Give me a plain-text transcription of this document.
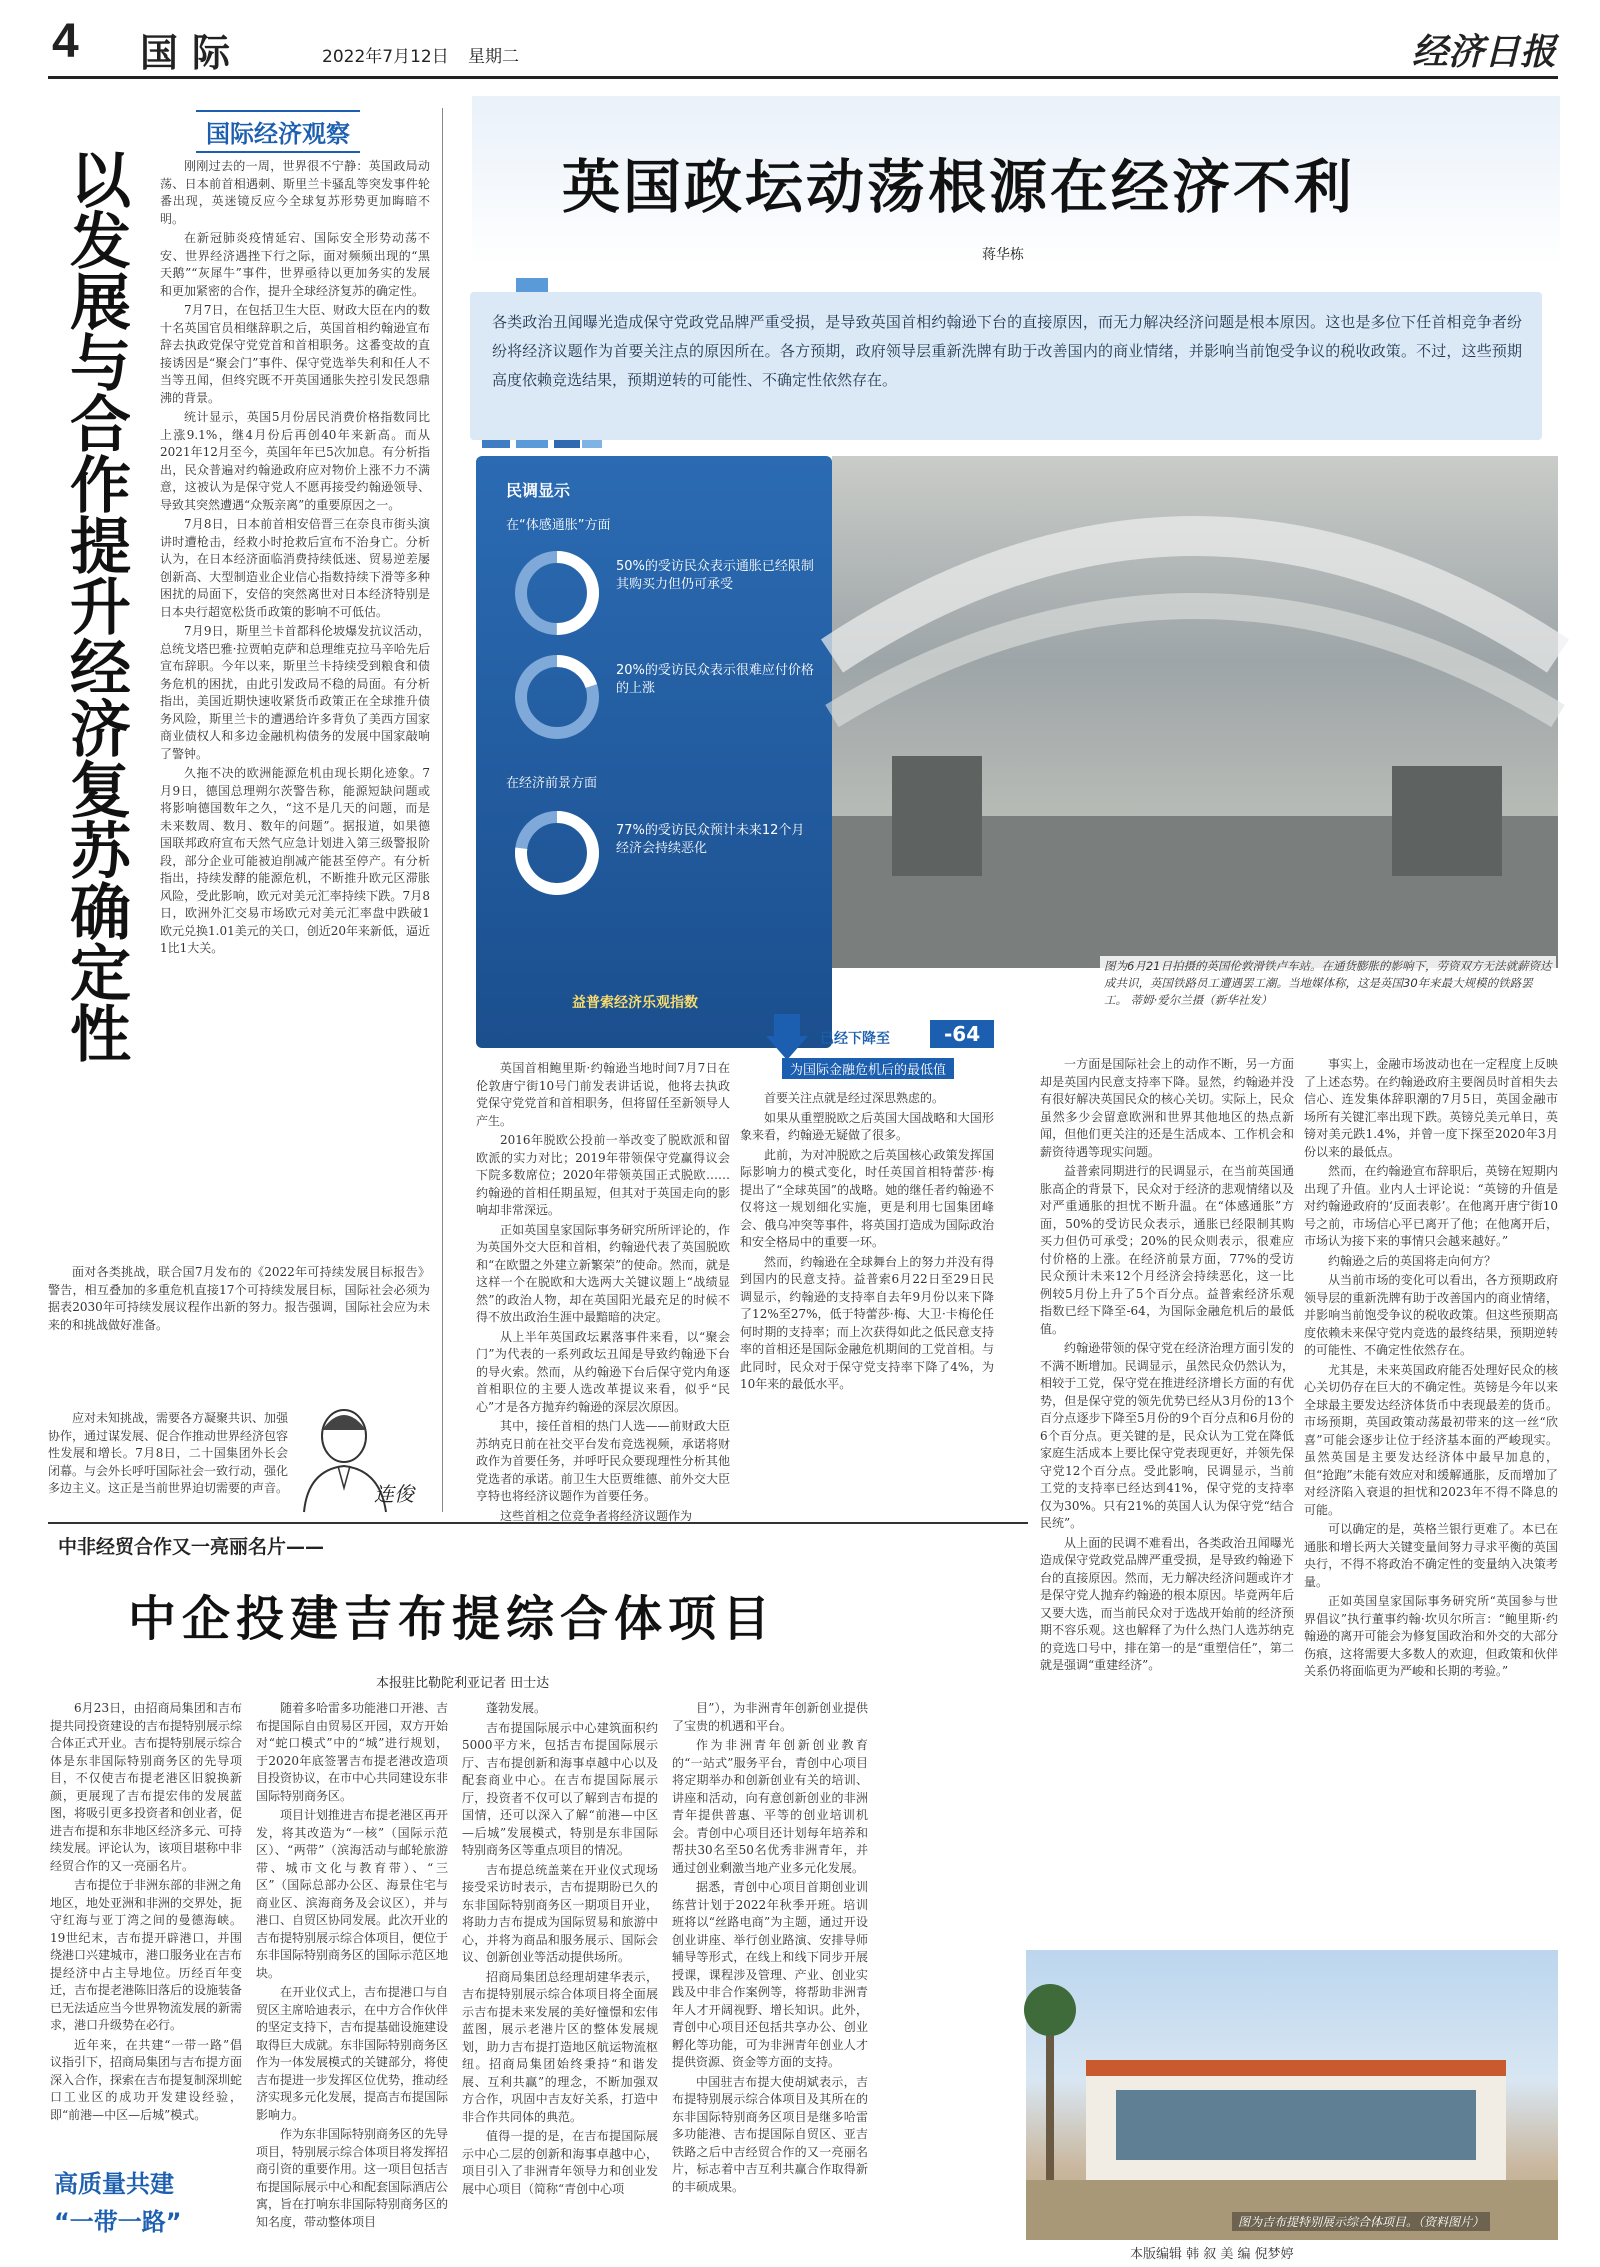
4 国际	2022年7月12日 星期二	经济日报
以发展与合作提升经济复苏确定性
国际经济观察

刚刚过去的一周，世界很不宁静：英国政局动荡、日本前首相遇刺、斯里兰卡骚乱等突发事件轮番出现，英迷镜反应今全球复苏形势更加晦暗不明。

在新冠肺炎疫情延宕、国际安全形势动荡不安、世界经济遇挫下行之际，面对频频出现的“黑天鹅”“灰犀牛”事件，世界亟待以更加务实的发展和更加紧密的合作，提升全球经济复苏的确定性。

7月7日，在包括卫生大臣、财政大臣在内的数十名英国官员相继辞职之后，英国首相约翰逊宣布辞去执政党保守党党首和首相职务。这番变故的直接诱因是“聚会门”事件、保守党选举失利和任人不当等丑闻，但终究既不开英国通胀失控引发民怨鼎沸的背景。

统计显示，英国5月份居民消费价格指数同比上涨9.1%，继4月份后再创40年来新高。而从2021年12月至今，英国年年已5次加息。有分析指出，民众普遍对约翰逊政府应对物价上涨不力不满意，这被认为是保守党人不愿再接受约翰逊领导、导致其突然遭遇“众叛亲离”的重要原因之一。

7月8日，日本前首相安倍晋三在奈良市街头演讲时遭枪击，经救小时抢救后宣布不治身亡。分析认为，在日本经济面临消费持续低迷、贸易逆差屡创新高、大型制造业企业信心指数持续下滑等多种困扰的局面下，安倍的突然离世对日本经济特别是日本央行超宽松货币政策的影响不可低估。

7月9日，斯里兰卡首都科伦坡爆发抗议活动，总统戈塔巴雅·拉贾帕克萨和总理维克拉马辛哈先后宣布辞职。今年以来，斯里兰卡持续受到粮食和债务危机的困扰，由此引发政局不稳的局面。有分析指出，美国近期快速收紧货币政策正在全球推升债务风险，斯里兰卡的遭遇给许多背负了美西方国家商业债权人和多边金融机构债务的发展中国家敲响了警钟。

久拖不决的欧洲能源危机由现长期化迹象。7月9日，德国总理朔尔茨警告称，能源短缺问题或将影响德国数年之久，“这不是几天的问题，而是未来数周、数月、数年的问题”。据报道，如果德国联邦政府宣布天然气应急计划进入第三级警报阶段，部分企业可能被迫削减产能甚至停产。有分析指出，持续发酵的能源危机，不断推升欧元区滞胀风险，受此影响，欧元对美元汇率持续下跌。7月8日，欧洲外汇交易市场欧元对美元汇率盘中跌破1欧元兑换1.01美元的关口，创近20年来新低，逼近1比1大关。

面对各类挑战，联合国7月发布的《2022年可持续发展目标报告》警告，相互叠加的多重危机直接17个可持续发展目标，国际社会必须为据表2030年可持续发展议程作出新的努力。报告强调，国际社会应为未来的和挑战做好准备。

应对未知挑战，需要各方凝聚共识、加强协作，通过谋发展、促合作推动世界经济包容性发展和增长。7月8日，二十国集团外长会闭幕。与会外长呼吁国际社会一致行动，强化多边主义。这正是当前世界迫切需要的声音。	连俊
英国政坛动荡根源在经济不利
蒋华栋
各类政治丑闻曝光造成保守党政党品牌严重受损，是导致英国首相约翰逊下台的直接原因，而无力解决经济问题是根本原因。这也是多位下任首相竞争者纷纷将经济议题作为首要关注点的原因所在。各方预期，政府领导层重新洗牌有助于改善国内的商业情绪，并影响当前饱受争议的税收政策。不过，这些预期高度依赖竞选结果，预期逆转的可能性、不确定性依然存在。
民调显示
在“体感通胀”方面
50%的受访民众表示通胀已经限制其购买力但仍可承受
20%的受访民众表示很难应付价格的上涨
在经济前景方面
77%的受访民众预计未来12个月经济会持续恶化
益普索经济乐观指数
图为6月21日拍摄的英国伦敦滑铁卢车站。在通货膨胀的影响下，劳资双方无法就薪资达成共识，英国铁路员工遭遇罢工潮。当地媒体称，这是英国30年来最大规模的铁路罢工。 蒂姆·爱尔兰摄（新华社发）
已经下降至	-64
为国际金融危机后的最低值

英国首相鲍里斯·约翰逊当地时间7月7日在伦敦唐宁街10号门前发表讲话说，他将去执政党保守党党首和首相职务，但将留任至新领导人产生。

2016年脱欧公投前一举改变了脱欧派和留欧派的实力对比；2019年带领保守党赢得议会下院多数席位；2020年带领英国正式脱欧……约翰逊的首相任期虽短，但其对于英国走向的影响却非常深远。

正如英国皇家国际事务研究所所评论的，作为英国外交大臣和首相，约翰逊代表了英国脱欧和“在欧盟之外建立新繁荣”的使命。然而，就是这样一个在脱欧和大选两大关键议题上“战绩显然”的政治人物，却在英国阳光最充足的时候不得不放出政治生涯中最黯暗的决定。

从上半年英国政坛累落事件来看，以“聚会门”为代表的一系列政坛丑闻是导致约翰逊下台的导火索。然而，从约翰逊下台后保守党内角逐首相职位的主要人选改革提议来看，似乎“民心”才是各方抛弃约翰逊的深层次原因。

其中，接任首相的热门人选——前财政大臣苏纳克日前在社交平台发布竞选视频，承诺将财政作为首要任务，并呼吁民众要现理性分析其他党选者的承诺。前卫生大臣贾维德、前外交大臣亨特也将经济议题作为首要任务。

这些首相之位竞争者将经济议题作为

首要关注点就是经过深思熟虑的。

如果从重塑脱欧之后英国大国战略和大国形象来看，约翰逊无疑做了很多。

此前，为对冲脱欧之后英国核心政策发挥国际影响力的模式变化，时任英国首相特蕾莎·梅提出了“全球英国”的战略。她的继任者约翰逊不仅将这一规划细化实施，更是利用七国集团峰会、俄乌冲突等事件，将英国打造成为国际政治和安全格局中的重要一环。

然而，约翰逊在全球舞台上的努力并没有得到国内的民意支持。益普索6月22日至29日民调显示，约翰逊的支持率自去年9月份以来下降了12%至27%，低于特蕾莎·梅、大卫·卡梅伦任何时期的支持率；而上次获得如此之低民意支持率的首相还是国际金融危机期间的工党首相。与此同时，民众对于保守党支持率下降了4%，为10年来的最低水平。

一方面是国际社会上的动作不断，另一方面却是英国内民意支持率下降。显然，约翰逊并没有很好解决英国民众的核心关切。实际上，民众虽然多少会留意欧洲和世界其他地区的热点新闻，但他们更关注的还是生活成本、工作机会和薪资待遇等现实问题。

益普索同期进行的民调显示，在当前英国通胀高企的背景下，民众对于经济的悲观情绪以及对严重通胀的担忧不断升温。在“体感通胀”方面，50%的受访民众表示，通胀已经限制其购买力但仍可承受；20%的民众则表示，很难应付价格的上涨。在经济前景方面，77%的受访民众预计未来12个月经济会持续恶化，这一比例较5月份上升了5个百分点。益普索经济乐观指数已经下降至-64，为国际金融危机后的最低值。

约翰逊带领的保守党在经济治理方面引发的不满不断增加。民调显示，虽然民众仍然认为，相较于工党，保守党在推进经济增长方面的有优势，但是保守党的领先优势已经从3月份的13个百分点逐步下降至5月份的9个百分点和6月份的6个百分点。更关键的是，民众认为工党在降低家庭生活成本上要比保守党表现更好，并领先保守党12个百分点。受此影响，民调显示，当前工党的支持率已经达到41%，保守党的支持率仅为30%。只有21%的英国人认为保守党“结合民统”。

从上面的民调不难看出，各类政治丑闻曝光造成保守党政党品牌严重受损，是导致约翰逊下台的直接原因。然而，无力解决经济问题或许才是保守党人抛弃约翰逊的根本原因。毕竟两年后又要大选，而当前民众对于选战开始前的经济预期不容乐观。这也解释了为什么热门人选苏纳克的竞选口号中，排在第一的是“重塑信任”，第二就是强调“重建经济”。

事实上，金融市场波动也在一定程度上反映了上述态势。在约翰逊政府主要阁员时首相失去信心、连发集体辞职潮的7月5日，英国金融市场所有关键汇率出现下跌。英镑兑美元单日，英镑对美元跌1.4%，并曾一度下探至2020年3月份以来的最低点。

然而，在约翰逊宣布辞职后，英镑在短期内出现了升值。业内人士评论说：“英镑的升值是对约翰逊政府的‘反面表彰’。在他离开唐宁街10号之前，市场信心平已离开了他；在他离开后，市场认为接下来的事情只会越来越好。”

约翰逊之后的英国将走向何方？

从当前市场的变化可以看出，各方预期政府领导层的重新洗牌有助于改善国内的商业情绪，并影响当前饱受争议的税收政策。但这些预期高度依赖未来保守党内竞选的最终结果，预期逆转的可能性、不确定性依然存在。

尤其是，未来英国政府能否处理好民众的核心关切仍存在巨大的不确定性。英镑是今年以来全球最主要发达经济体货币中表现最差的货币。市场预期，英国政策动荡最初带来的这一丝“欣喜”可能会逐步让位于经济基本面的严峻现实。虽然英国是主要发达经济体中最早加息的，但“抢跑”未能有效应对和缓解通胀，反而增加了对经济陷入衰退的担忧和2023年不得不降息的可能。

可以确定的是，英格兰银行更难了。本已在通胀和增长两大关键变量间努力寻求平衡的英国央行，不得不将政治不确定性的变量纳入决策考量。

正如英国皇家国际事务研究所“英国参与世界倡议”执行董事约翰·坎贝尔所言：“鲍里斯·约翰逊的离开可能会为修复国政治和外交的大部分伤痕，这将需要大多数人的欢迎，但政策和伙伴关系仍将面临更为严峻和长期的考验。”

中非经贸合作又一亮丽名片——
中企投建吉布提综合体项目
本报驻比勒陀利亚记者 田士达

6月23日，由招商局集团和吉布提共同投资建设的吉布提特别展示综合体正式开业。吉布提特别展示综合体是东非国际特别商务区的先导项目，不仅使吉布提老港区旧貌换新颜，更展现了吉布提宏伟的发展蓝图，将吸引更多投资者和创业者，促进吉布提和东非地区经济多元、可持续发展。评论认为，该项目堪称中非经贸合作的又一亮丽名片。

吉布提位于非洲东部的非洲之角地区，地处亚洲和非洲的交界处，扼守红海与亚丁湾之间的曼德海峡。19世纪末，吉布提开辟港口，并围绕港口兴建城市，港口服务业在吉布提经济中占主导地位。历经百年变迁，吉布提老港陈旧落后的设施装备已无法适应当今世界物流发展的新需求，港口升级势在必行。

近年来，在共建“一带一路”倡议指引下，招商局集团与吉布提方面深入合作，探索在吉布提复制深圳蛇口工业区的成功开发建设经验，即“前港—中区—后城”模式。

高质量共建
“一带一路”

随着多哈雷多功能港口开港、吉布提国际自由贸易区开园，双方开始对“蛇口模式”中的“城”进行规划，于2020年底签署吉布提老港改造项目投资协议，在市中心共同建设东非国际特别商务区。

项目计划推进吉布提老港区再开发，将其改造为“一核”（国际示范区）、“两带”（滨海活动与邮轮旅游带、城市文化与教育带）、“三区”（国际总部办公区、海景住宅与商业区、滨海商务及会议区），并与港口、自贸区协同发展。此次开业的吉布提特别展示综合体项目，便位于东非国际特别商务区的国际示范区地块。

在开业仪式上，吉布提港口与自贸区主席哈迪表示，在中方合作伙伴的坚定支持下，吉布提基础设施建设取得巨大成就。东非国际特别商务区作为一体发展模式的关键部分，将使吉布提进一步发挥区位优势，推动经济实现多元化发展，提高吉布提国际影响力。

作为东非国际特别商务区的先导项目，特别展示综合体项目将发挥招商引资的重要作用。这一项目包括吉布提国际展示中心和配套国际酒店公寓，旨在打响东非国际特别商务区的知名度，带动整体项目

蓬勃发展。

吉布提国际展示中心建筑面积约5000平方米，包括吉布提国际展示厅、吉布提创新和海事卓越中心以及配套商业中心。在吉布提国际展示厅，投资者不仅可以了解到吉布提的国情，还可以深入了解“前港—中区—后城”发展模式，特别是东非国际特别商务区等重点项目的情况。

吉布提总统盖莱在开业仪式现场接受采访时表示，吉布提期盼已久的东非国际特别商务区一期项目开业，将助力吉布提成为国际贸易和旅游中心，并将为商品和服务展示、国际会议、创新创业等活动提供场所。

招商局集团总经理胡建华表示，吉布提特别展示综合体项目将全面展示吉布提未来发展的美好憧憬和宏伟蓝图，展示老港片区的整体发展规划，助力吉布提打造地区航运物流枢纽。招商局集团始终秉持“和谐发展、互利共赢”的理念，不断加强双方合作，巩固中吉友好关系，打造中非合作共同体的典范。

值得一提的是，在吉布提国际展示中心二层的创新和海事卓越中心，项目引入了非洲青年领导力和创业发展中心项目（简称“青创中心项

目”），为非洲青年创新创业提供了宝贵的机遇和平台。

作为非洲青年创新创业教育的“一站式”服务平台，青创中心项目将定期举办和创新创业有关的培训、讲座和活动，向有意创新创业的非洲青年提供普惠、平等的创业培训机会。青创中心项目还计划每年培养和帮扶30名至50名优秀非洲青年，并通过创业剩激当地产业多元化发展。

据悉，青创中心项目首期创业训练营计划于2022年秋季开班。培训班将以“丝路电商”为主题，通过开设创业讲座、举行创业路演、安排导师辅导等形式，在线上和线下同步开展授课，课程涉及管理、产业、创业实践及中非合作案例等，将帮助非洲青年人才开阔视野、增长知识。此外，青创中心项目还包括共享办公、创业孵化等功能，可为非洲青年创业人才提供资源、资金等方面的支持。

中国驻吉布提大使胡斌表示，吉布提特别展示综合体项目及其所在的东非国际特别商务区项目是继多哈雷多功能港、吉布提国际自贸区、亚吉铁路之后中吉经贸合作的又一亮丽名片，标志着中吉互利共赢合作取得新的丰硕成果。

图为吉布提特别展示综合体项目。（资料图片）
本版编辑 韩 叙 美 编 倪梦婷
